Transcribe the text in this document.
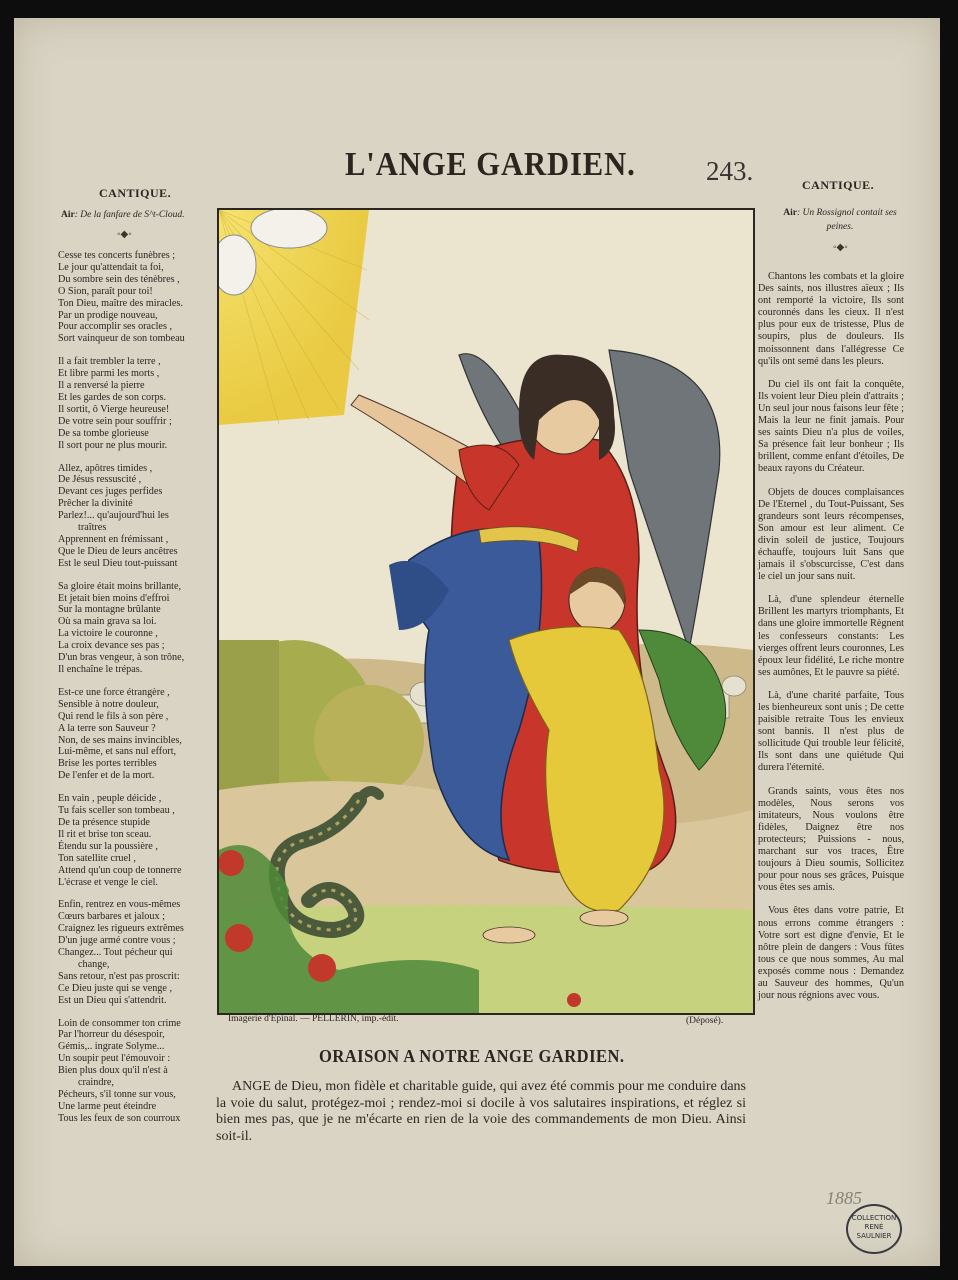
L'ANGE GARDIEN.	243.
CANTIQUE.
Air: De la fanfare de S^t-Cloud.
◦◆◦
Cesse tes concerts funèbres ;
Le jour qu'attendait ta foi,
Du sombre sein des ténèbres ,
O Sion, paraît pour toi!
Ton Dieu, maître des miracles.
Par un prodige nouveau,
Pour accomplir ses oracles ,
Sort vainqueur de son tombeau
Il a fait trembler la terre ,
Et libre parmi les morts ,
Il a renversé la pierre
Et les gardes de son corps.
Il sortit, ô Vierge heureuse!
De votre sein pour souffrir ;
De sa tombe glorieuse
Il sort pour ne plus mourir.
Allez, apôtres timides ,
De Jésus ressuscité ,
Devant ces juges perfides
Prêcher la divinité
Parlez!... qu'aujourd'hui les
traîtres
Apprennent en frémissant ,
Que le Dieu de leurs ancêtres
Est le seul Dieu tout-puissant
Sa gloire était moins brillante,
Et jetait bien moins d'effroi
Sur la montagne brûlante
Où sa main grava sa loi.
La victoire le couronne ,
La croix devance ses pas ;
D'un bras vengeur, à son trône,
Il enchaîne le trépas.
Est-ce une force étrangère ,
Sensible à notre douleur,
Qui rend le fils à son père ,
A la terre son Sauveur ?
Non, de ses mains invincibles,
Lui-même, et sans nul effort,
Brise les portes terribles
De l'enfer et de la mort.
En vain , peuple déicide ,
Tu fais sceller son tombeau ,
De ta présence stupide
Il rit et brise ton sceau.
Étendu sur la poussière ,
Ton satellite cruel ,
Attend qu'un coup de tonnerre
L'écrase et venge le ciel.
Enfin, rentrez en vous-mêmes
Cœurs barbares et jaloux ;
Craignez les rigueurs extrêmes
D'un juge armé contre vous ;
Changez... Tout pécheur qui
change,
Sans retour, n'est pas proscrit:
Ce Dieu juste qui se venge ,
Est un Dieu qui s'attendrit.
Loin de consommer ton crime
Par l'horreur du désespoir,
Gémis,.. ingrate Solyme...
Un soupir peut l'émouvoir :
Bien plus doux qu'il n'est à
craindre,
Pécheurs, s'il tonne sur vous,
Une larme peut éteindre
Tous les feux de son courroux
Imagerie d'Epinal. — PELLERIN, imp.-édit.	(Déposé).
CANTIQUE.
Air: Un Rossignol contait ses peines.
◦◆◦

Chantons les combats et la gloire Des saints, nos illustres aïeux ; Ils ont remporté la victoire, Ils sont couronnés dans les cieux. Il n'est plus pour eux de tristesse, Plus de soupirs, plus de douleurs. Ils moissonnent dans l'allégresse Ce qu'ils ont semé dans les pleurs.

Du ciel ils ont fait la conquête, Ils voient leur Dieu plein d'attraits ; Un seul jour nous faisons leur fête ; Mais la leur ne finit jamais. Pour ses saints Dieu n'a plus de voiles, Sa présence fait leur bonheur ; Ils brillent, comme enfant d'étoiles, De beaux rayons du Créateur.

Objets de douces complaisances De l'Eternel , du Tout-Puissant, Ses grandeurs sont leurs récompenses, Son amour est leur aliment. Ce divin soleil de justice, Toujours échauffe, toujours luit Sans que jamais il s'obscurcisse, C'est dans le ciel un jour sans nuit.

Là, d'une splendeur éternelle Brillent les martyrs triomphants, Et dans une gloire immortelle Règnent les confesseurs constants: Les vierges offrent leurs couronnes, Les époux leur fidélité, Le riche montre ses aumônes, Et le pauvre sa piété.

Là, d'une charité parfaite, Tous les bienheureux sont unis ; De cette paisible retraite Tous les envieux sont bannis. Il n'est plus de sollicitude Qui trouble leur félicité, Ils sont dans une quiétude Qui durera l'éternité.

Grands saints, vous êtes nos modèles, Nous serons vos imitateurs, Nous voulons être fidèles, Daignez être nos protecteurs; Puissions - nous, marchant sur vos traces, Être toujours à Dieu soumis, Sollicitez pour pour nous ses grâces, Puisque vous êtes ses amis.

Vous êtes dans votre patrie, Et nous errons comme étrangers : Votre sort est digne d'envie, Et le nôtre plein de dangers : Vous fûtes tous ce que nous sommes, Au mal exposés comme nous : Demandez au Sauveur des hommes, Qu'un jour nous régnions avec vous.

ORAISON A NOTRE ANGE GARDIEN.
ANGE de Dieu, mon fidèle et charitable guide, qui avez été commis pour me conduire dans la voie du salut, protégez-moi ; rendez-moi si docile à vos salutaires inspirations, et réglez si bien mes pas, que je ne m'écarte en rien de la voie des commandements de mon Dieu. Ainsi soit-il.
1885
COLLECTION RENÉ SAULNIER
